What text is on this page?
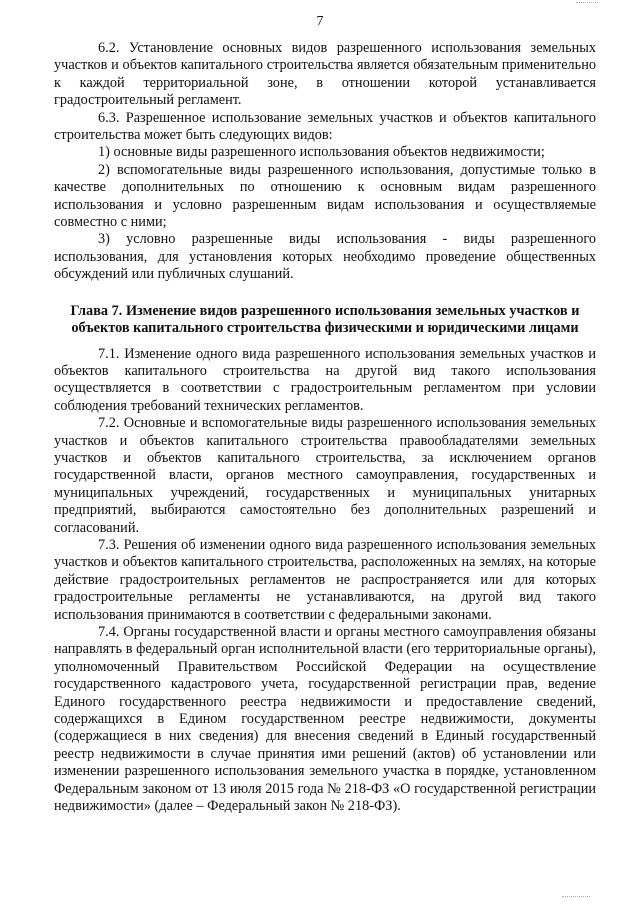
7

6.2. Установление основных видов разрешенного использования земельных участков и объектов капитального строительства является обязательным применительно к каждой территориальной зоне, в отношении которой устанавливается градостроительный регламент.

6.3. Разрешенное использование земельных участков и объектов капитального строительства может быть следующих видов:

1) основные виды разрешенного использования объектов недвижимости;

2) вспомогательные виды разрешенного использования, допустимые только в качестве дополнительных по отношению к основным видам разрешенного использования и условно разрешенным видам использования и осуществляемые совместно с ними;

3) условно разрешенные виды использования - виды разрешенного использования, для установления которых необходимо проведение общественных обсуждений или публичных слушаний.

Глава 7. Изменение видов разрешенного использования земельных участков и объектов капитального строительства физическими и юридическими лицами

7.1. Изменение одного вида разрешенного использования земельных участков и объектов капитального строительства на другой вид такого использования осуществляется в соответствии с градостроительным регламентом при условии соблюдения требований технических регламентов.

7.2. Основные и вспомогательные виды разрешенного использования земельных участков и объектов капитального строительства правообладателями земельных участков и объектов капитального строительства, за исключением органов государственной власти, органов местного самоуправления, государственных и муниципальных учреждений, государственных и муниципальных унитарных предприятий, выбираются самостоятельно без дополнительных разрешений и согласований.

7.3. Решения об изменении одного вида разрешенного использования земельных участков и объектов капитального строительства, расположенных на землях, на которые действие градостроительных регламентов не распространяется или для которых градостроительные регламенты не устанавливаются, на другой вид такого использования принимаются в соответствии с федеральными законами.

7.4. Органы государственной власти и органы местного самоуправления обязаны направлять в федеральный орган исполнительной власти (его территориальные органы), уполномоченный Правительством Российской Федерации на осуществление государственного кадастрового учета, государственной регистрации прав, ведение Единого государственного реестра недвижимости и предоставление сведений, содержащихся в Едином государственном реестре недвижимости, документы (содержащиеся в них сведения) для внесения сведений в Единый государственный реестр недвижимости в случае принятия ими решений (актов) об установлении или изменении разрешенного использования земельного участка в порядке, установленном Федеральным законом от 13 июля 2015 года № 218-ФЗ «О государственной регистрации недвижимости» (далее – Федеральный закон № 218-ФЗ).
